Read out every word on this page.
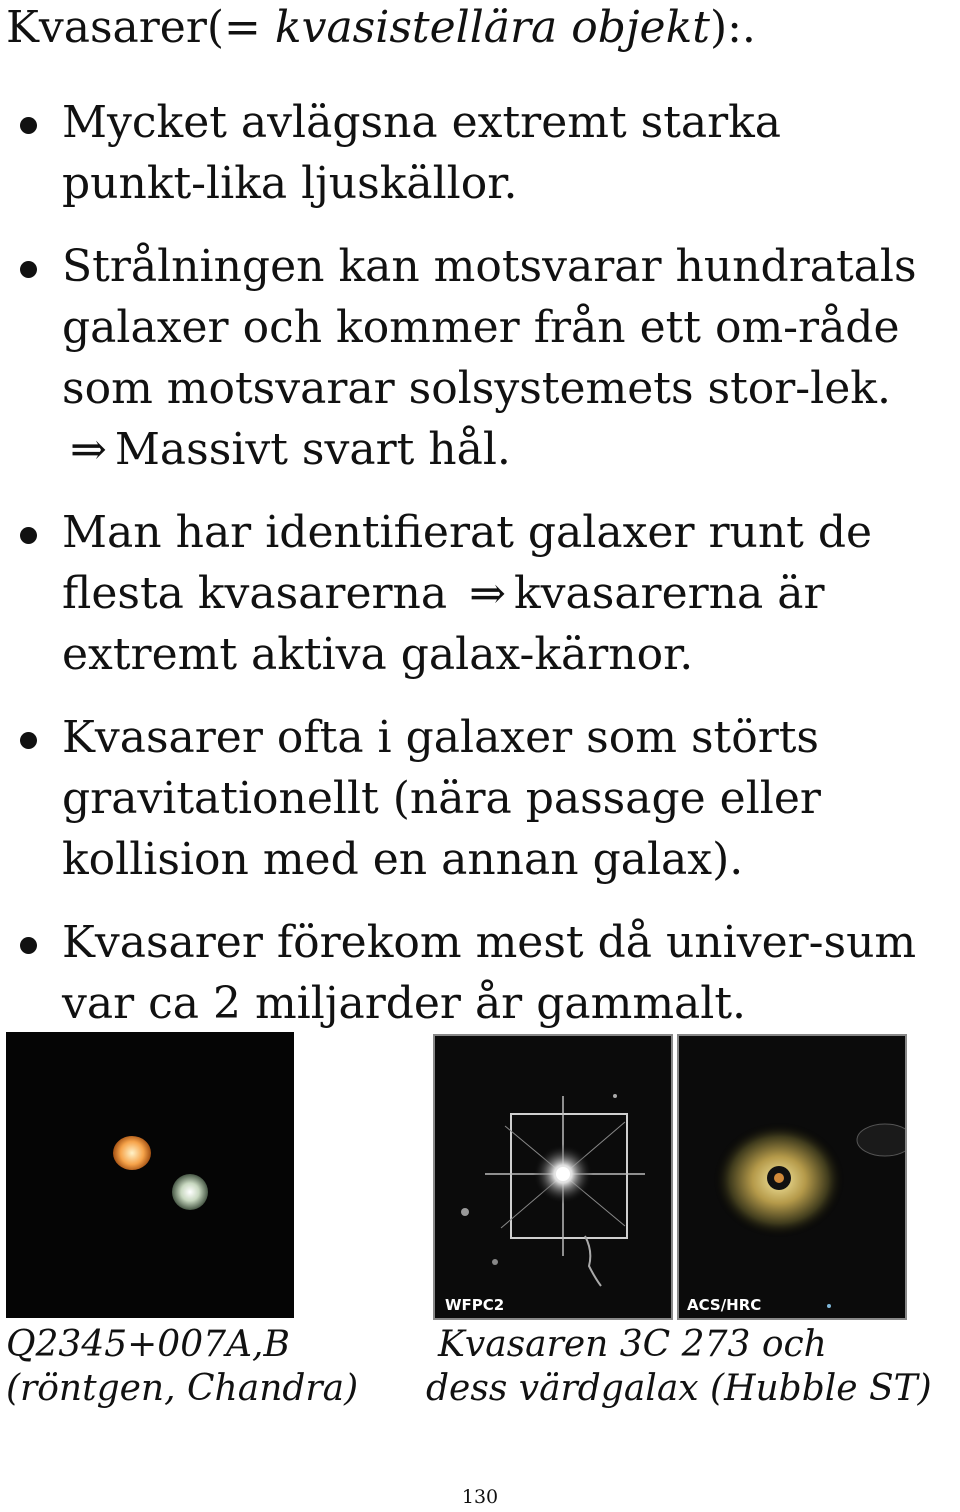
Kvasarer(= kvasistellära objekt):.
Mycket avlägsna extremt starka punkt-lika ljuskällor.
Strålningen kan motsvarar hundratals galaxer och kommer från ett om-råde som motsvarar solsystemets stor-lek. ⇒ Massivt svart hål.
Man har identifierat galaxer runt de flesta kvasarerna ⇒ kvasarerna är extremt aktiva galax-kärnor.
Kvasarer ofta i galaxer som störts gravitationellt (nära passage eller kollision med en annan galax).
Kvasarer förekom mest då univer-sum var ca 2 miljarder år gammalt.
WFPC2	ACS/HRC
Q2345+007A,B
(röntgen, Chandra)
Kvasaren 3C 273 och
dess värdgalax (Hubble ST)
130
